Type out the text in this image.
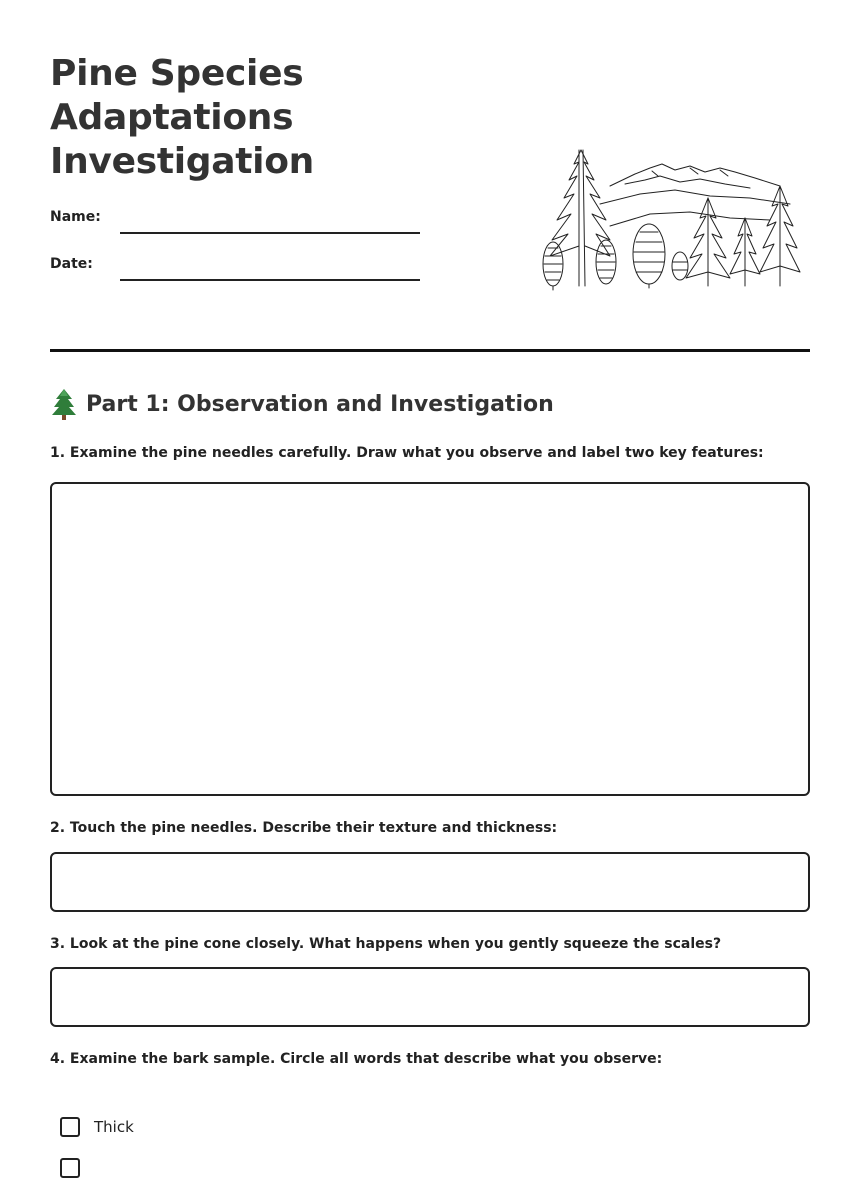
Pine Species
Adaptations
Investigation
Name:
Date:
Part 1: Observation and Investigation
1. Examine the pine needles carefully. Draw what you observe and label two key features:
2. Touch the pine needles. Describe their texture and thickness:
3. Look at the pine cone closely. What happens when you gently squeeze the scales?
4. Examine the bark sample. Circle all words that describe what you observe:
Thick
